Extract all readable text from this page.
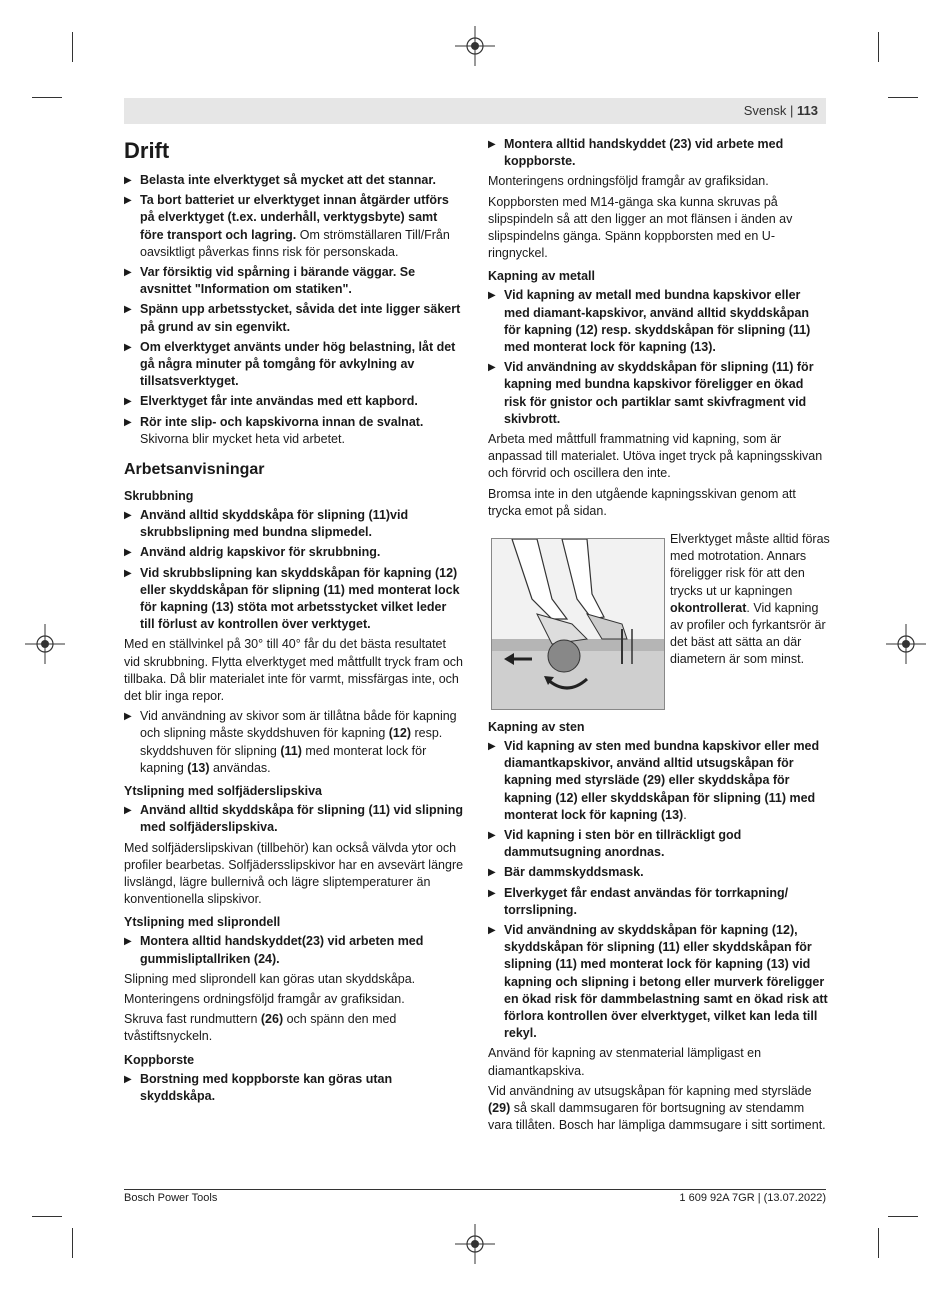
Svensk | 113
Drift
▶ Belasta inte elverktyget så mycket att det stannar.
▶ Ta bort batteriet ur elverktyget innan åtgärder utförs på elverktyget (t.ex. underhåll, verktygsbyte) samt före transport och lagring. Om strömställaren Till/Från oavsiktligt påverkas finns risk för personskada.
▶ Var försiktig vid spårning i bärande väggar. Se avsnittet "Information om statiken".
▶ Spänn upp arbetsstycket, såvida det inte ligger säkert på grund av sin egenvikt.
▶ Om elverktyget använts under hög belastning, låt det gå några minuter på tomgång för avkylning av tillsatsverktyget.
▶ Elverktyget får inte användas med ett kapbord.
▶ Rör inte slip- och kapskivorna innan de svalnat. Skivorna blir mycket heta vid arbetet.
Arbetsanvisningar
Skrubbning
▶ Använd alltid skyddskåpa för slipning (11)vid skrubbslipning med bundna slipmedel.
▶ Använd aldrig kapskivor för skrubbning.
▶ Vid skrubbslipning kan skyddskåpan för kapning (12) eller skyddskåpan för slipning (11) med monterat lock för kapning (13) stöta mot arbetsstycket vilket leder till förlust av kontrollen över verktyget.

Med en ställvinkel på 30° till 40° får du det bästa resultatet vid skrubbning. Flytta elverktyget med måttfullt tryck fram och tillbaka. Då blir materialet inte för varmt, missfärgas inte, och det blir inga repor.

▶ Vid användning av skivor som är tillåtna både för kapning och slipning måste skyddshuven för kapning (12) resp. skyddshuven för slipning (11) med monterat lock för kapning (13) användas.
Ytslipning med solfjäderslipskiva
▶ Använd alltid skyddskåpa för slipning (11) vid slipning med solfjäderslipskiva.

Med solfjäderslipskivan (tillbehör) kan också välvda ytor och profiler bearbetas. Solfjädersslipskivor har en avsevärt längre livslängd, lägre bullernivå och lägre sliptemperaturer än konventionella slipskivor.

Ytslipning med sliprondell
▶ Montera alltid handskyddet(23) vid arbeten med gummisliptallriken (24).

Slipning med sliprondell kan göras utan skyddskåpa.

Monteringens ordningsföljd framgår av grafiksidan.

Skruva fast rundmuttern (26) och spänn den med tvåstiftsnyckeln.

Koppborste
▶ Borstning med koppborste kan göras utan skyddskåpa.
▶ Montera alltid handskyddet (23) vid arbete med koppborste.

Monteringens ordningsföljd framgår av grafiksidan.

Koppborsten med M14-gänga ska kunna skruvas på slipspindeln så att den ligger an mot flänsen i änden av slipspindelns gänga. Spänn koppborsten med en U-ringnyckel.

Kapning av metall
▶ Vid kapning av metall med bundna kapskivor eller med diamant-kapskivor, använd alltid skyddskåpan för kapning (12) resp. skyddskåpan för slipning (11) med monterat lock för kapning (13).
▶ Vid användning av skyddskåpan för slipning (11) för kapning med bundna kapskivor föreligger en ökad risk för gnistor och partiklar samt skivfragment vid skivbrott.

Arbeta med måttfull frammatning vid kapning, som är anpassad till materialet. Utöva inget tryck på kapningsskivan och förvrid och oscillera den inte.

Bromsa inte in den utgående kapningsskivan genom att trycka emot på sidan.

Elverktyget måste alltid föras med motrotation. Annars föreligger risk för att den trycks ut ur kapningen okontrollerat. Vid kapning av profiler och fyrkantsrör är det bäst att sätta an där diametern är som minst.
Kapning av sten
▶ Vid kapning av sten med bundna kapskivor eller med diamantkapskivor, använd alltid utsugskåpan för kapning med styrsläde (29) eller skyddskåpa för kapning (12) eller skyddskåpan för slipning (11) med monterat lock för kapning (13).
▶ Vid kapning i sten bör en tillräckligt god dammutsugning anordnas.
▶ Bär dammskyddsmask.
▶ Elverkyget får endast användas för torrkapning/ torrslipning.
▶ Vid användning av skyddskåpan för kapning (12), skyddskåpan för slipning (11) eller skyddskåpan för slipning (11) med monterat lock för kapning (13) vid kapning och slipning i betong eller murverk föreligger en ökad risk för dammbelastning samt en ökad risk att förlora kontrollen över elverktyget, vilket kan leda till rekyl.

Använd för kapning av stenmaterial lämpligast en diamantkapskiva.

Vid användning av utsugskåpan för kapning med styrsläde (29) så skall dammsugaren för bortsugning av stendamm vara tillåten. Bosch har lämpliga dammsugare i sitt sortiment.

Bosch Power Tools	1 609 92A 7GR | (13.07.2022)
